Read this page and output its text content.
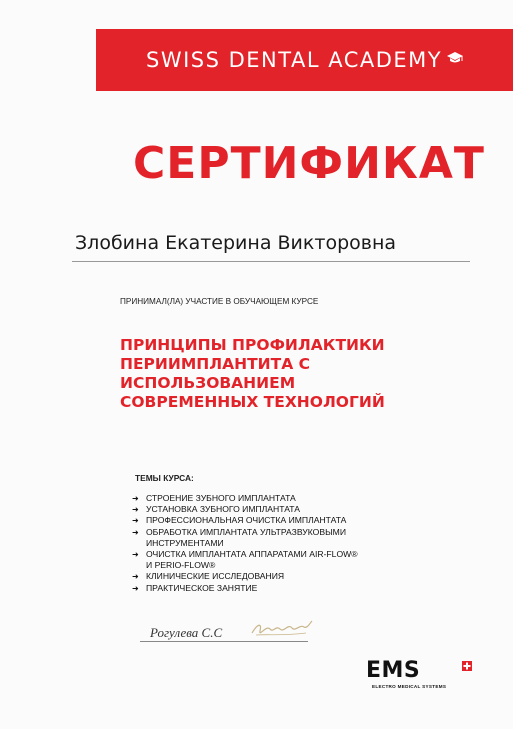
SWISS DENTAL ACADEMY
СЕРТИФИКАТ
Злобина Екатерина Викторовна
ПРИНИМАЛ(ЛА) УЧАСТИЕ В ОБУЧАЮЩЕМ КУРСЕ
ПРИНЦИПЫ ПРОФИЛАКТИКИ
ПЕРИИМПЛАНТИТА С
ИСПОЛЬЗОВАНИЕМ
СОВРЕМЕННЫХ ТЕХНОЛОГИЙ
ТЕМЫ КУРСА:
➜ СТРОЕНИЕ ЗУБНОГО ИМПЛАНТАТА
➜ УСТАНОВКА ЗУБНОГО ИМПЛАНТАТА
➜ ПРОФЕССИОНАЛЬНАЯ ОЧИСТКА ИМПЛАНТАТА
➜ ОБРАБОТКА ИМПЛАНТАТА УЛЬТРАЗВУКОВЫМИ
ИНСТРУМЕНТАМИ
➜ ОЧИСТКА ИМПЛАНТАТА АППАРАТАМИ AIR-FLOW®
И PERIO-FLOW®
➜ КЛИНИЧЕСКИЕ ИССЛЕДОВАНИЯ
➜ ПРАКТИЧЕСКОЕ ЗАНЯТИЕ
Рогулева С.С
EMS
ELECTRO MEDICAL SYSTEMS
